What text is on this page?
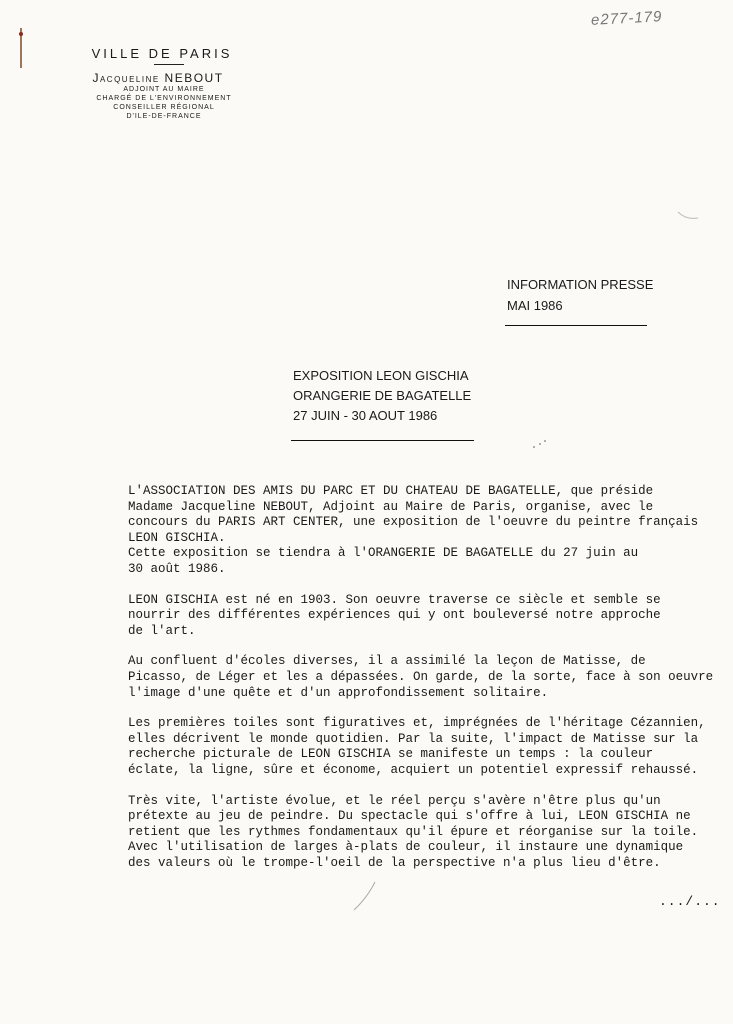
e277-179
VILLE DE PARIS
Jacqueline NEBOUT
ADJOINT AU MAIRE
CHARGÉ DE L'ENVIRONNEMENT
CONSEILLER RÉGIONAL
D'ILE-DE-FRANCE
INFORMATION PRESSE
MAI 1986
EXPOSITION LEON GISCHIA
ORANGERIE DE BAGATELLE
27 JUIN - 30 AOUT 1986
L'ASSOCIATION DES AMIS DU PARC ET DU CHATEAU DE BAGATELLE, que préside
Madame Jacqueline NEBOUT, Adjoint au Maire de Paris, organise, avec le
concours du PARIS ART CENTER, une exposition de l'oeuvre du peintre français
LEON GISCHIA.
Cette exposition se tiendra à l'ORANGERIE DE BAGATELLE du 27 juin au
30 août 1986.
LEON GISCHIA est né en 1903. Son oeuvre traverse ce siècle et semble se
nourrir des différentes expériences qui y ont bouleversé notre approche
de l'art.
Au confluent d'écoles diverses, il a assimilé la leçon de Matisse, de
Picasso, de Léger et les a dépassées. On garde, de la sorte, face à son oeuvre
l'image d'une quête et d'un approfondissement solitaire.
Les premières toiles sont figuratives et, imprégnées de l'héritage Cézannien,
elles décrivent le monde quotidien. Par la suite, l'impact de Matisse sur la
recherche picturale de LEON GISCHIA se manifeste un temps : la couleur
éclate, la ligne, sûre et économe, acquiert un potentiel expressif rehaussé.
Très vite, l'artiste évolue, et le réel perçu s'avère n'être plus qu'un
prétexte au jeu de peindre. Du spectacle qui s'offre à lui, LEON GISCHIA ne
retient que les rythmes fondamentaux qu'il épure et réorganise sur la toile.
Avec l'utilisation de larges à-plats de couleur, il instaure une dynamique
des valeurs où le trompe-l'oeil de la perspective n'a plus lieu d'être.
.../...
